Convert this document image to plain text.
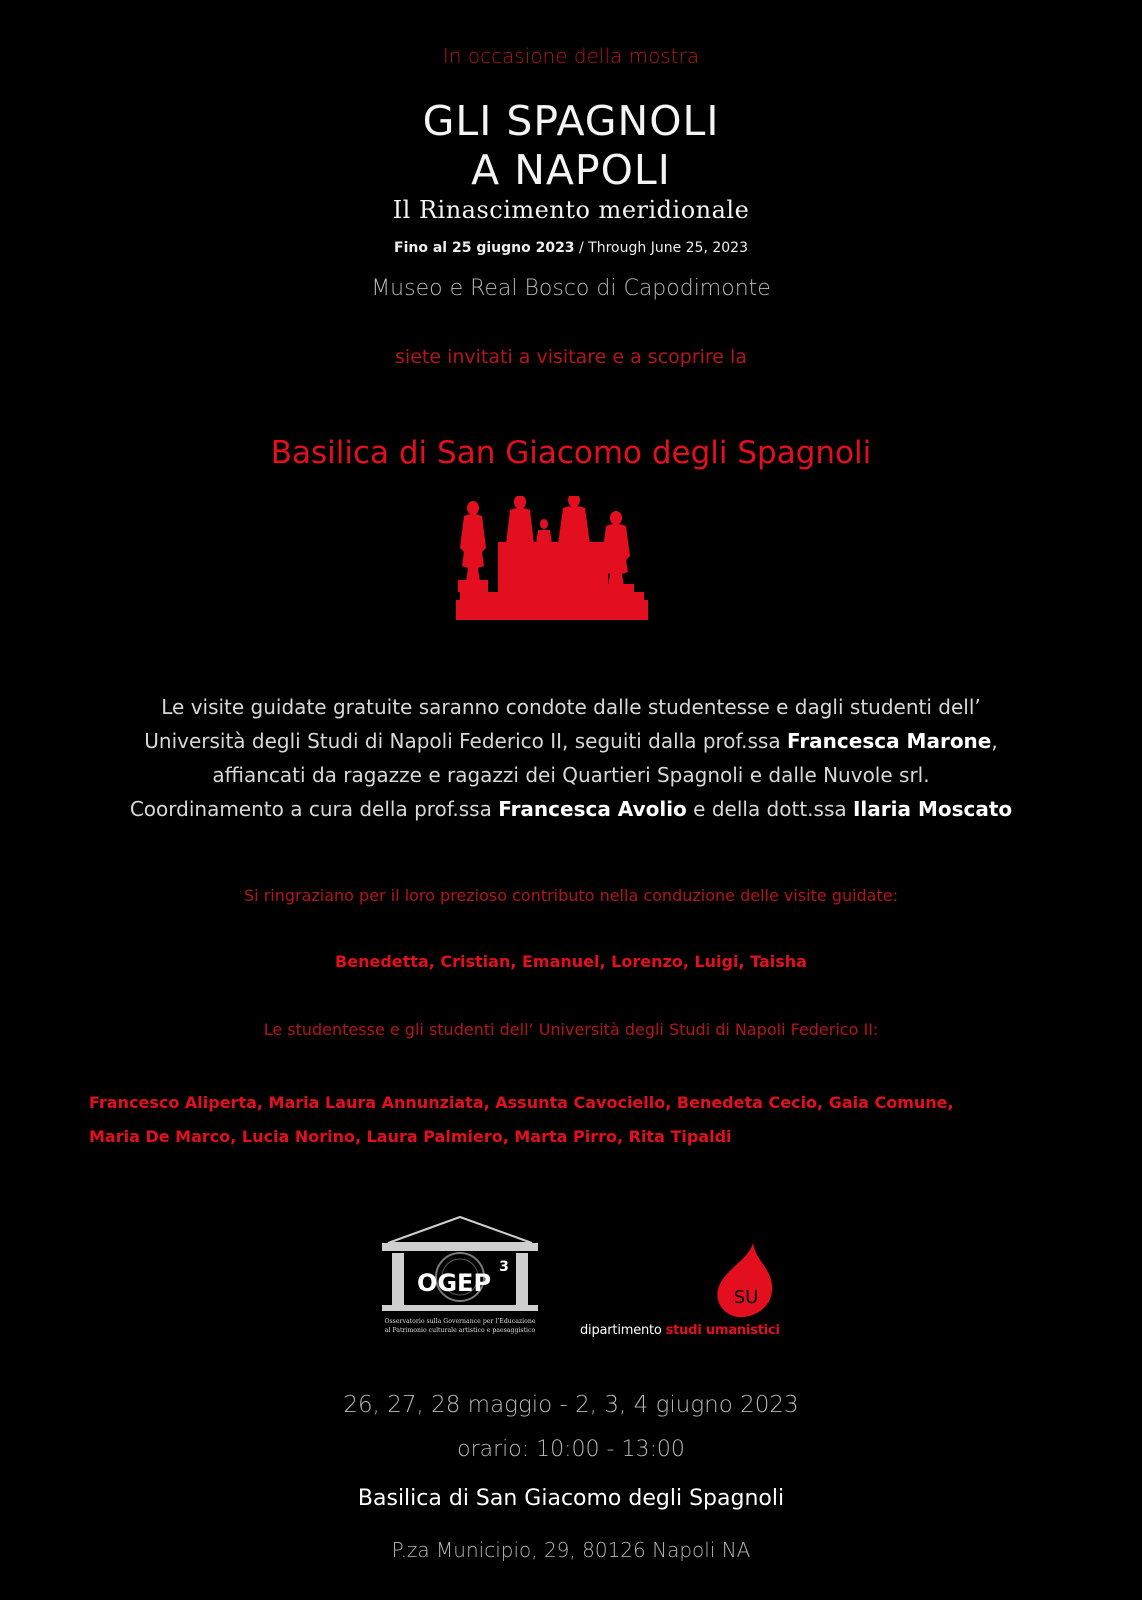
In occasione della mostra
GLI SPAGNOLI
A NAPOLI
Il Rinascimento meridionale
Fino al 25 giugno 2023 / Through June 25, 2023
Museo e Real Bosco di Capodimonte
siete invitati a visitare e a scoprire la
Basilica di San Giacomo degli Spagnoli
Le visite guidate gratuite saranno condote dalle studentesse e dagli studenti dell’
Università degli Studi di Napoli Federico II, seguiti dalla prof.ssa Francesca Marone,
affiancati da ragazze e ragazzi dei Quartieri Spagnoli e dalle Nuvole srl.
Coordinamento a cura della prof.ssa Francesca Avolio e della dott.ssa Ilaria Moscato
Si ringraziano per il loro prezioso contributo nella conduzione delle visite guidate:
Benedetta, Cristian, Emanuel, Lorenzo, Luigi, Taisha
Le studentesse e gli studenti dell’ Università degli Studi di Napoli Federico II:
Francesco Aliperta, Maria Laura Annunziata, Assunta Cavociello, Benedeta Cecio, Gaia Comune,
Maria De Marco, Lucia Norino, Laura Palmiero, Marta Pirro, Rita Tipaldi
OGEP
3
Osservatorio sulla Governance per l’Educazione
al Patrimonio culturale artistico e paesaggistico
SU
dipartimento studi umanistici
26, 27, 28 maggio - 2, 3, 4 giugno 2023
orario: 10:00 - 13:00
Basilica di San Giacomo degli Spagnoli
P.za Municipio, 29, 80126 Napoli NA
